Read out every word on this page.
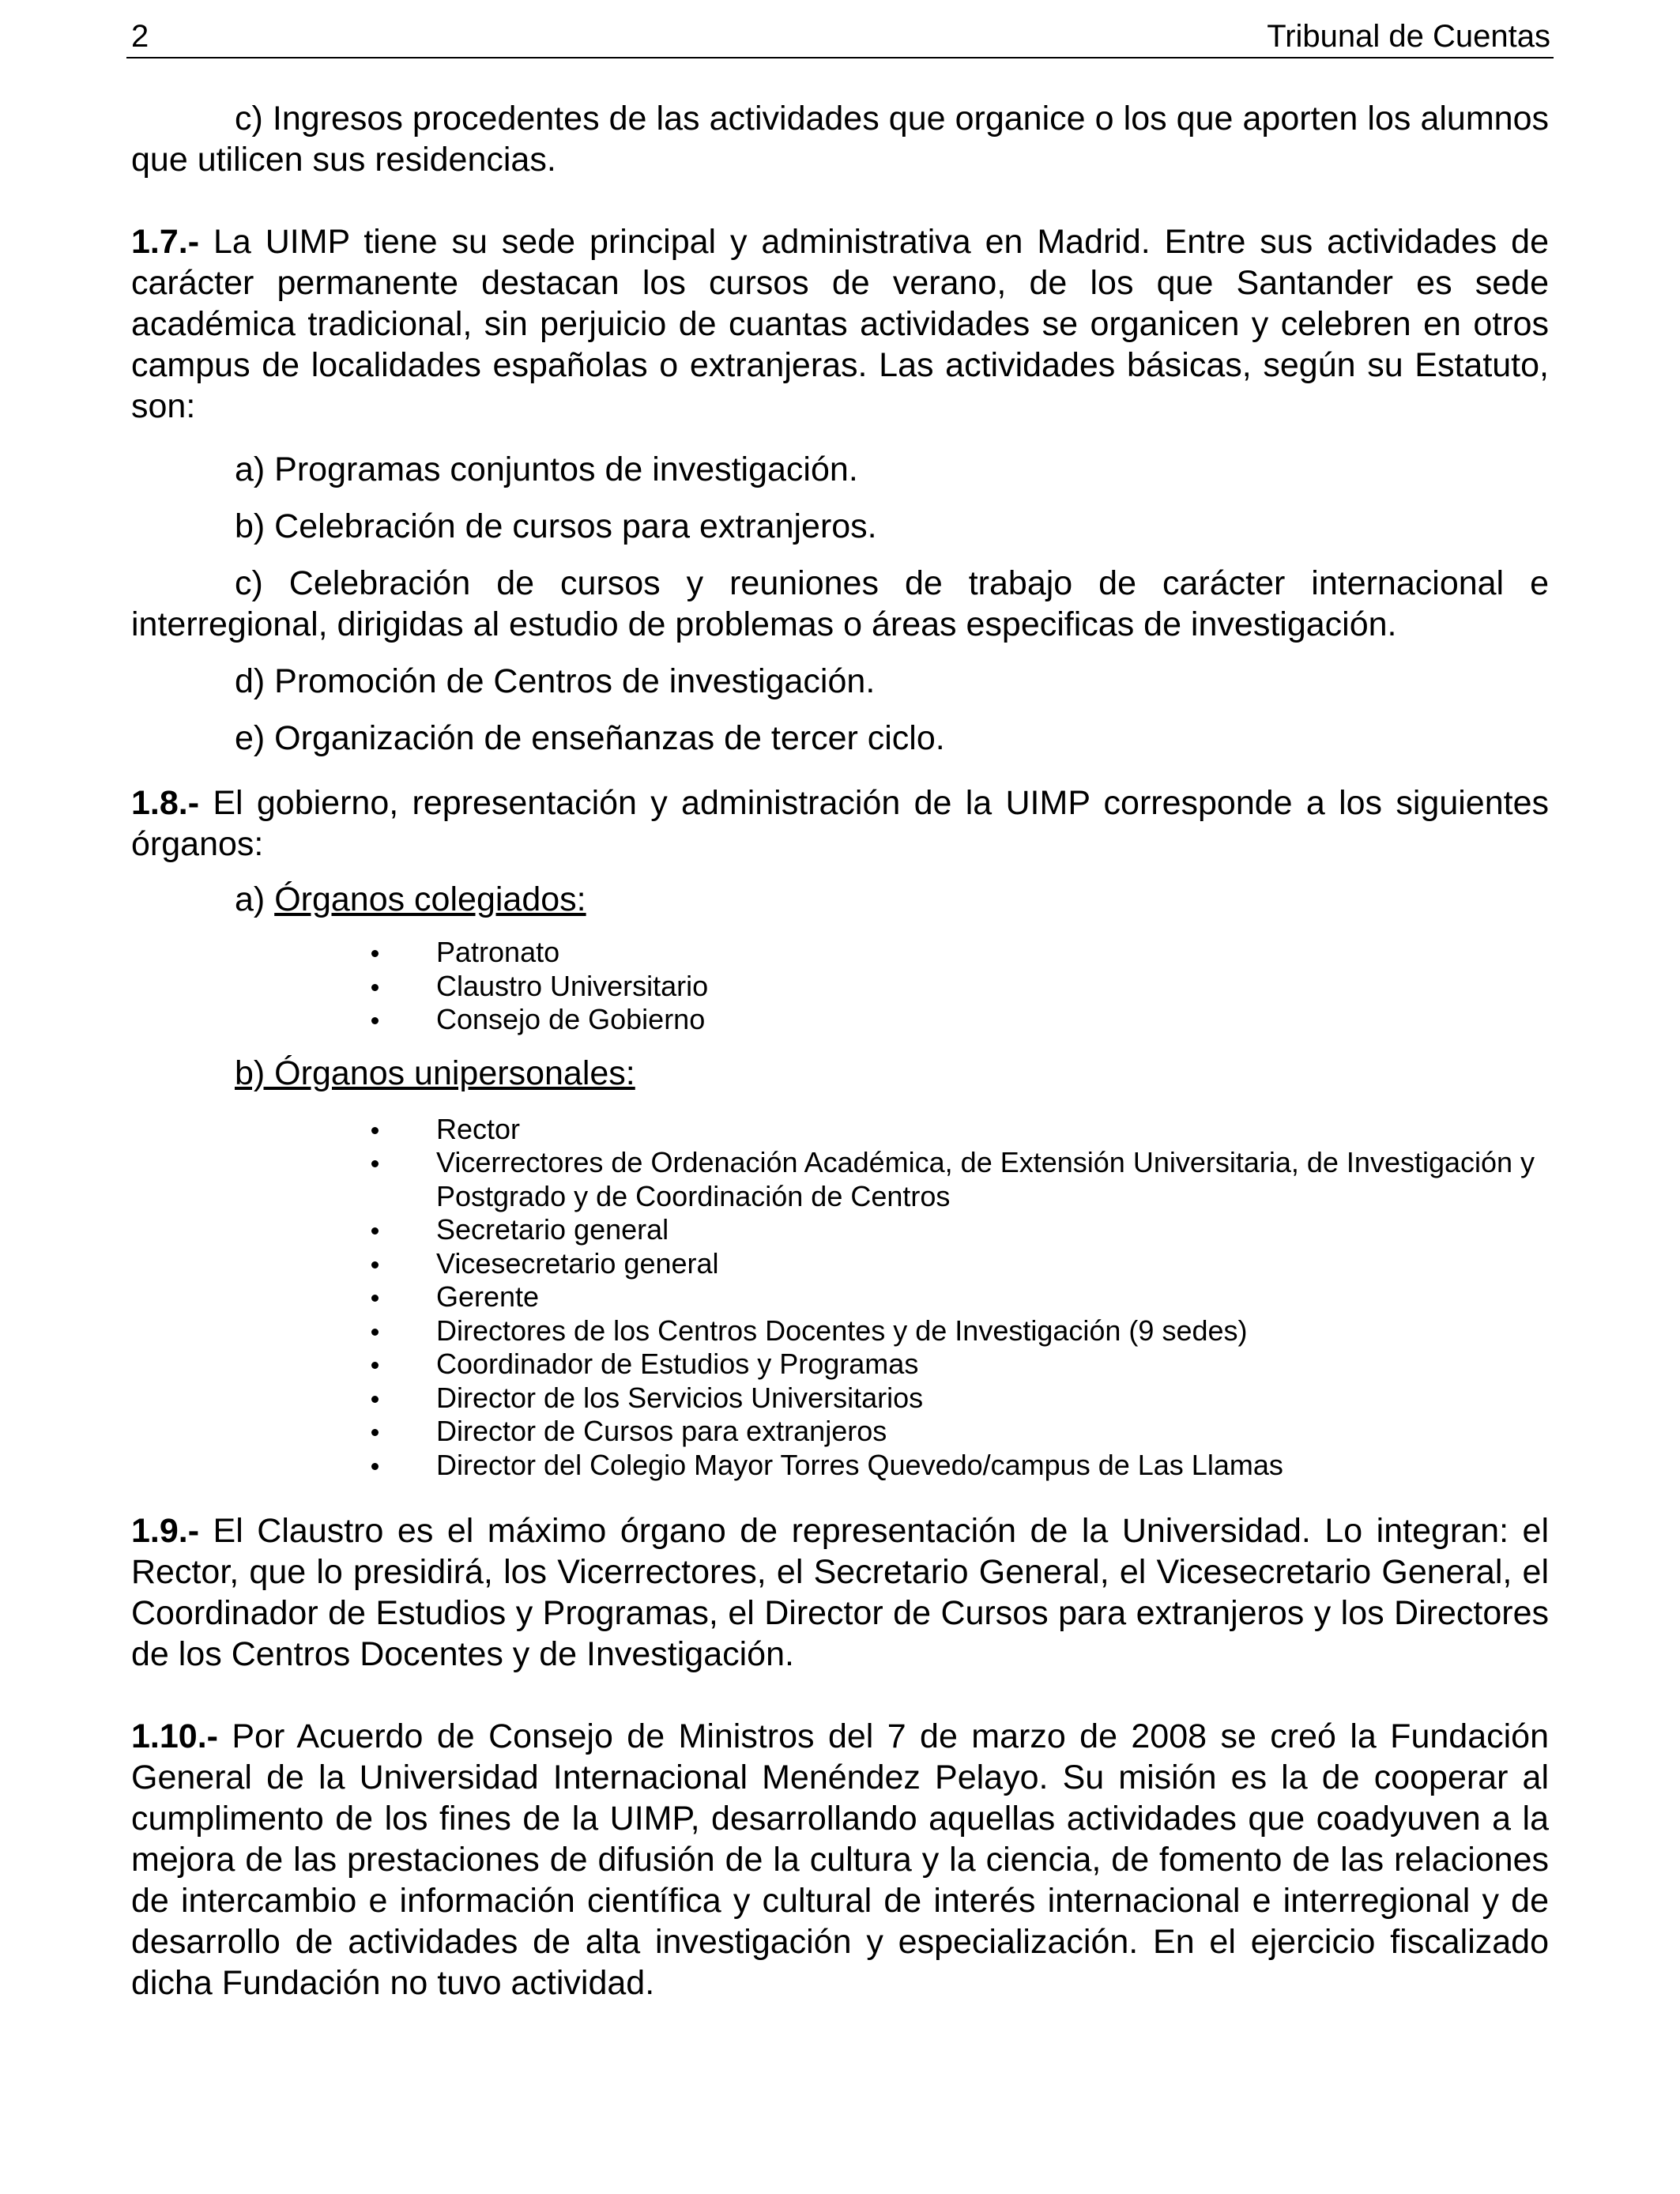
2	Tribunal de Cuentas

c) Ingresos procedentes de las actividades que organice o los que aporten los alumnos que utilicen sus residencias.

1.7.- La UIMP tiene su sede principal y administrativa en Madrid. Entre sus actividades de carácter permanente destacan los cursos de verano, de los que Santander es sede académica tradicional, sin perjuicio de cuantas actividades se organicen y celebren en otros campus de localidades españolas o extranjeras. Las actividades básicas, según su Estatuto, son:

a) Programas conjuntos de investigación.

b) Celebración de cursos para extranjeros.

c) Celebración de cursos y reuniones de trabajo de carácter internacional e interregional, dirigidas al estudio de problemas o áreas especificas de investigación.

d) Promoción de Centros de investigación.

e) Organización de enseñanzas de tercer ciclo.

1.8.- El gobierno, representación y administración de la UIMP corresponde a los siguientes órganos:

a) Órganos colegiados:

Patronato
Claustro Universitario
Consejo de Gobierno

b) Órganos unipersonales:

Rector
Vicerrectores de Ordenación Académica, de Extensión Universitaria, de Investigación y Postgrado y de Coordinación de Centros
Secretario general
Vicesecretario general
Gerente
Directores de los Centros Docentes y de Investigación (9 sedes)
Coordinador de Estudios y Programas
Director de los Servicios Universitarios
Director de Cursos para extranjeros
Director del Colegio Mayor Torres Quevedo/campus de Las Llamas

1.9.- El Claustro es el máximo órgano de representación de la Universidad. Lo integran: el Rector, que lo presidirá, los Vicerrectores, el Secretario General, el Vicesecretario General, el Coordinador de Estudios y Programas, el Director de Cursos para extranjeros y los Directores de los Centros Docentes y de Investigación.

1.10.- Por Acuerdo de Consejo de Ministros del 7 de marzo de 2008 se creó la Fundación General de la Universidad Internacional Menéndez Pelayo. Su misión es la de cooperar al cumplimento de los fines de la UIMP, desarrollando aquellas actividades que coadyuven a la mejora de las prestaciones de difusión de la cultura y la ciencia, de fomento de las relaciones de intercambio e información científica y cultural de interés internacional e interregional y de desarrollo de actividades de alta investigación y especialización. En el ejercicio fiscalizado dicha Fundación no tuvo actividad.
